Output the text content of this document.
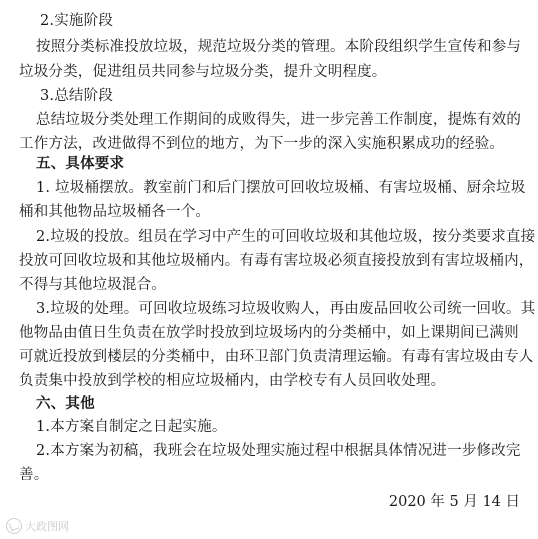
2.实施阶段
按照分类标准投放垃圾，规范垃圾分类的管理。本阶段组织学生宣传和参与
垃圾分类，促进组员共同参与垃圾分类，提升文明程度。
3.总结阶段
总结垃圾分类处理工作期间的成败得失，进一步完善工作制度，提炼有效的
工作方法，改进做得不到位的地方，为下一步的深入实施积累成功的经验。
五、具体要求
1. 垃圾桶摆放。教室前门和后门摆放可回收垃圾桶、有害垃圾桶、厨余垃圾
桶和其他物品垃圾桶各一个。
2.垃圾的投放。组员在学习中产生的可回收垃圾和其他垃圾，按分类要求直接
投放可回收垃圾和其他垃圾桶内。有毒有害垃圾必须直接投放到有害垃圾桶内，
不得与其他垃圾混合。
3.垃圾的处理。可回收垃圾练习垃圾收购人，再由废品回收公司统一回收。其
他物品由值日生负责在放学时投放到垃圾场内的分类桶中，如上课期间已满则
可就近投放到楼层的分类桶中，由环卫部门负责清理运输。有毒有害垃圾由专人
负责集中投放到学校的相应垃圾桶内，由学校专有人员回收处理。
六、其他
1.本方案自制定之日起实施。
2.本方案为初稿，我班会在垃圾处理实施过程中根据具体情况进一步修改完
善。
2020 年 5 月 14 日
大政图网
